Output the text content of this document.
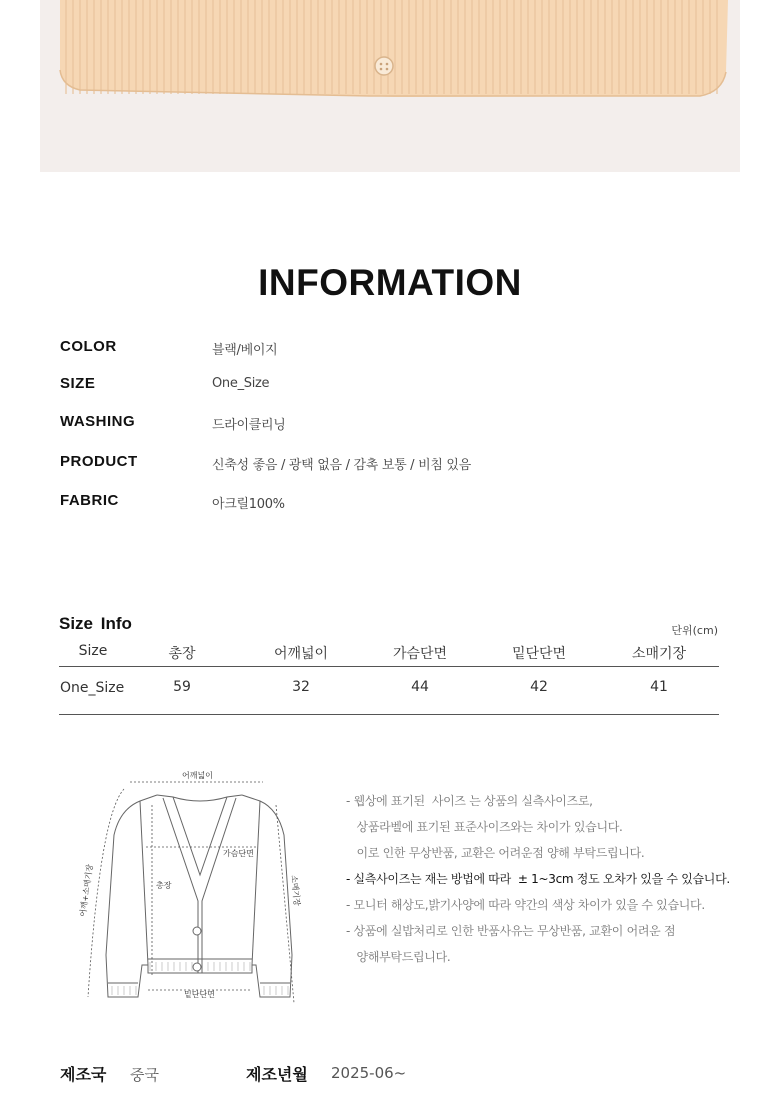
INFORMATION
COLOR	블랙/베이지
SIZE	One_Size
WASHING	드라이클리닝
PRODUCT	신축성 좋음 / 광택 없음 / 감촉 보통 / 비침 있음
FABRIC	아크릴100%
Size Info	단위(cm)
Size	총장	어깨넓이	가슴단면	밑단단면	소매기장
One_Size	59	32	44	42	41
어깨넓이
가슴단면
총장
밑단단면
어깨+소매기장	소매기장
- 웹상에 표기된  사이즈 는 상품의 실측사이즈로,
상품라벨에 표기된 표준사이즈와는 차이가 있습니다.
이로 인한 무상반품, 교환은 어려운점 양해 부탁드립니다.
- 실측사이즈는 재는 방법에 따라  ± 1~3cm 정도 오차가 있을 수 있습니다.
- 모니터 해상도,밝기사양에 따라 약간의 색상 차이가 있을 수 있습니다.
- 상품에 실밥처리로 인한 반품사유는 무상반품, 교환이 어려운 점
양해부탁드립니다.
제조국 중국	제조년월 2025-06~
